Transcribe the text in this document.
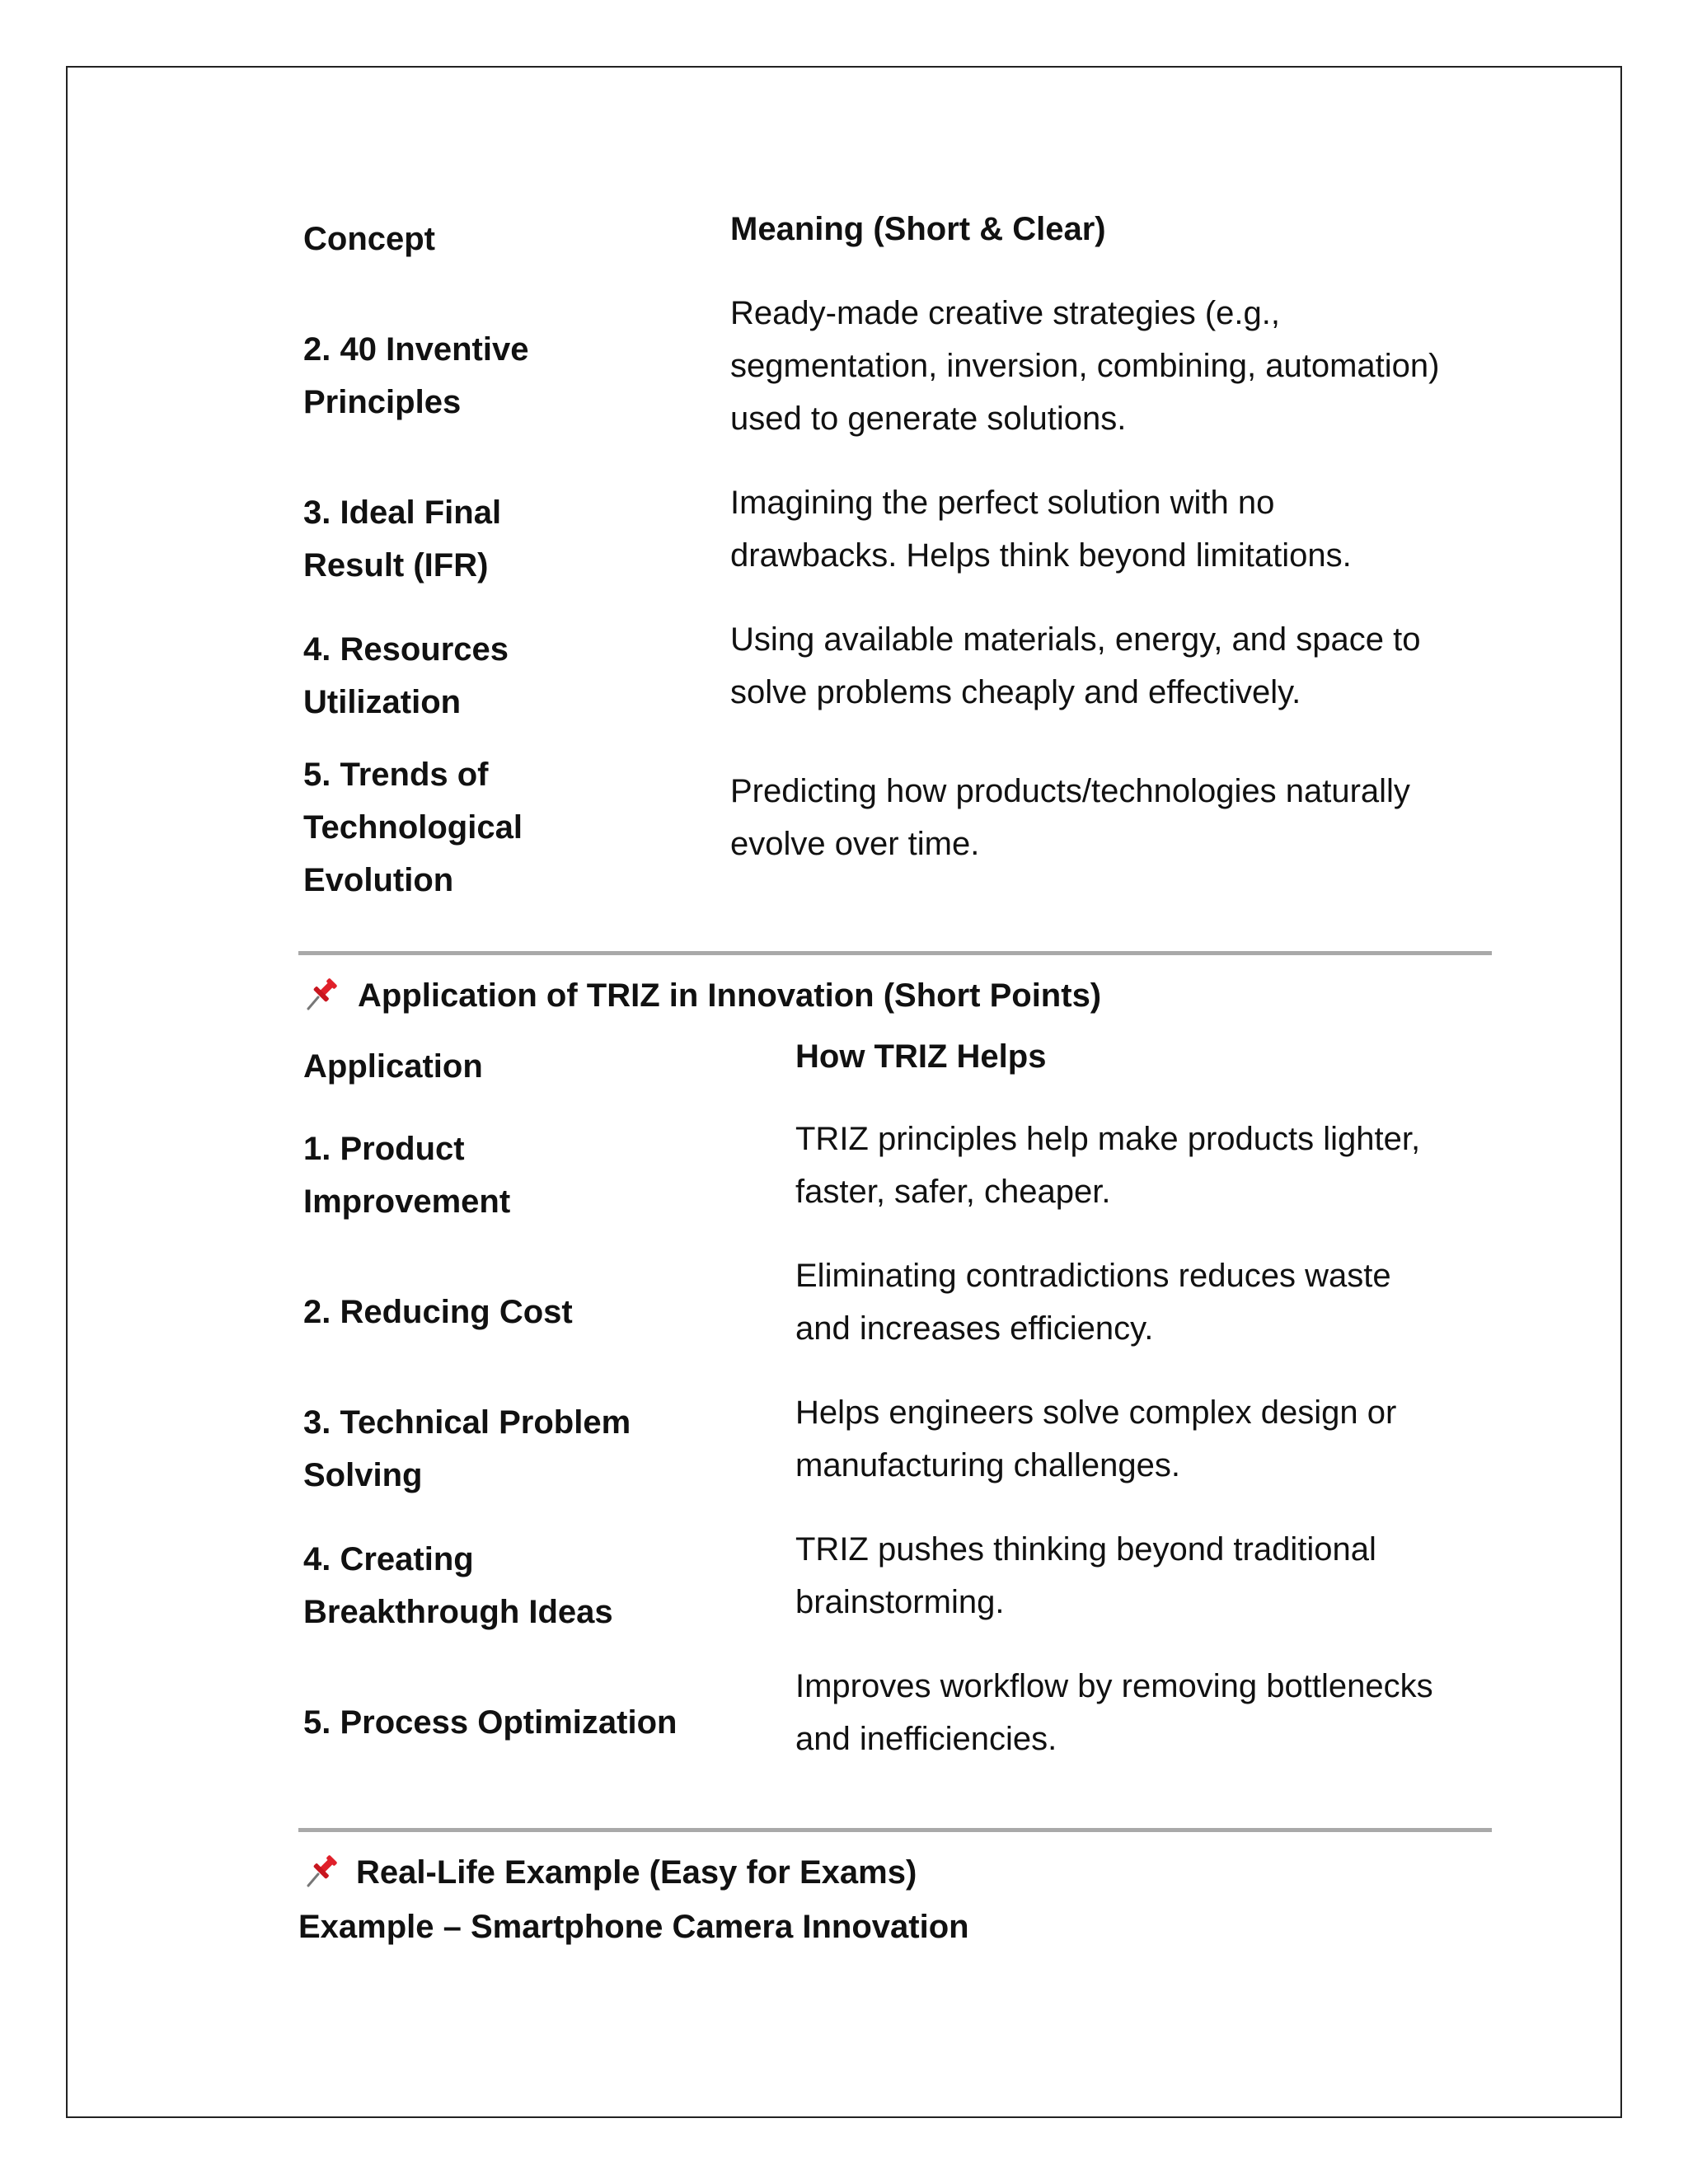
Concept	Meaning (Short & Clear)
2. 40 Inventive
Principles
Ready-made creative strategies (e.g.,
segmentation, inversion, combining, automation)
used to generate solutions.
3. Ideal Final
Result (IFR)
Imagining the perfect solution with no
drawbacks. Helps think beyond limitations.
4. Resources
Utilization
Using available materials, energy, and space to
solve problems cheaply and effectively.
5. Trends of
Technological
Evolution
Predicting how products/technologies naturally
evolve over time.
Application of TRIZ in Innovation (Short Points)
Application	How TRIZ Helps
1. Product
Improvement
TRIZ principles help make products lighter,
faster, safer, cheaper.
2. Reducing Cost
Eliminating contradictions reduces waste
and increases efficiency.
3. Technical Problem
Solving
Helps engineers solve complex design or
manufacturing challenges.
4. Creating
Breakthrough Ideas
TRIZ pushes thinking beyond traditional
brainstorming.
5. Process Optimization
Improves workflow by removing bottlenecks
and inefficiencies.
Real-Life Example (Easy for Exams)
Example – Smartphone Camera Innovation
